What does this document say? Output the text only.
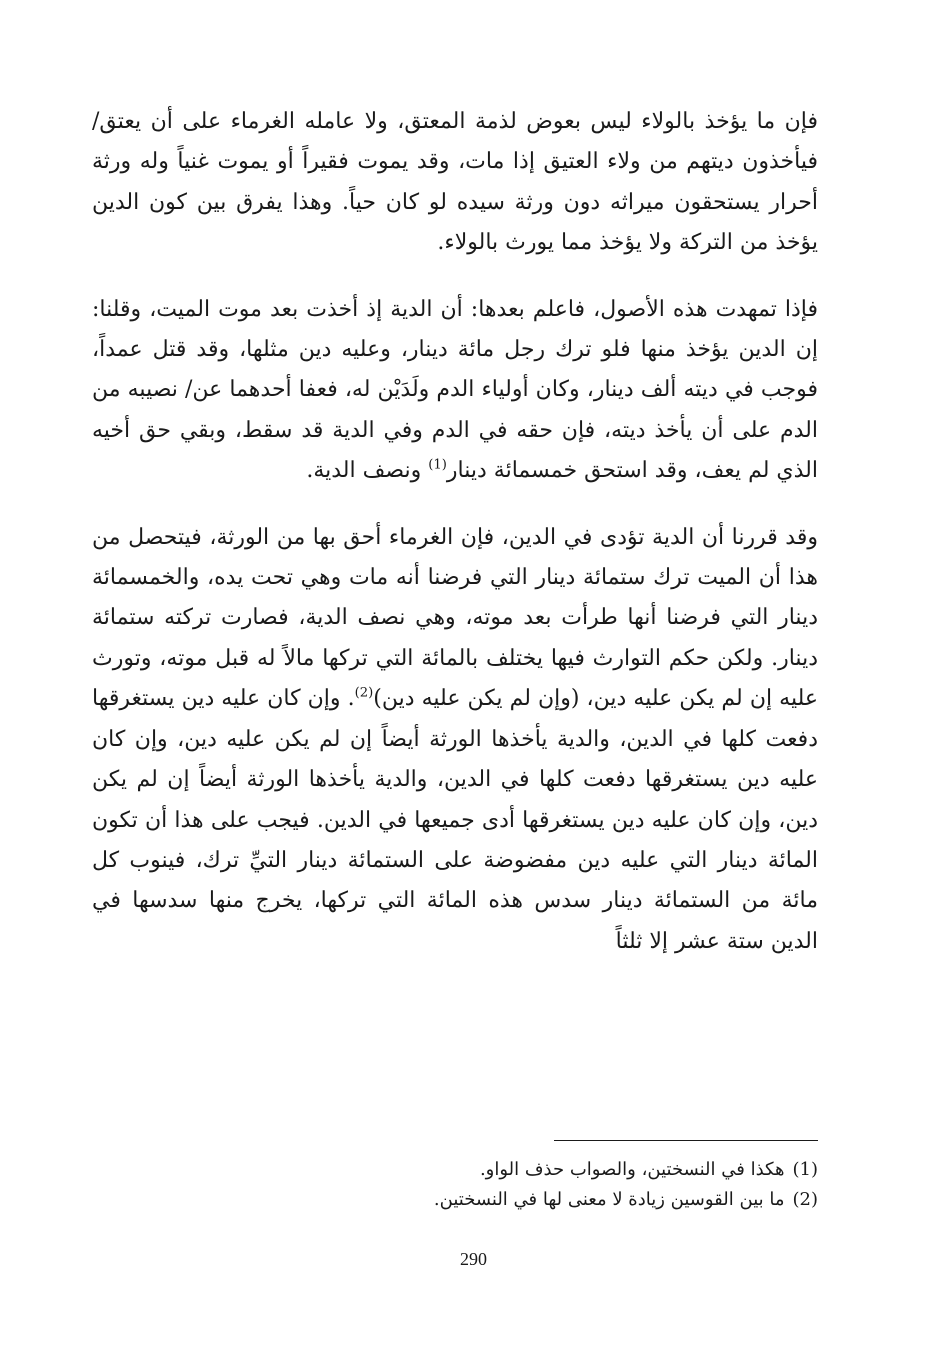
فإن ما يؤخذ بالولاء ليس بعوض لذمة المعتق، ولا عامله الغرماء على أن يعتق/ فيأخذون ديتهم من ولاء العتيق إذا مات، وقد يموت فقيراً أو يموت غنياً وله ورثة أحرار يستحقون ميراثه دون ورثة سيده لو كان حياً. وهذا يفرق بين كون الدين يؤخذ من التركة ولا يؤخذ مما يورث بالولاء.

فإذا تمهدت هذه الأصول، فاعلم بعدها: أن الدية إذ أخذت بعد موت الميت، وقلنا: إن الدين يؤخذ منها فلو ترك رجل مائة دينار، وعليه دين مثلها، وقد قتل عمداً، فوجب في ديته ألف دينار، وكان أولياء الدم ولَدَيْن له، فعفا أحدهما عن/ نصيبه من الدم على أن يأخذ ديته، فإن حقه في الدم وفي الدية قد سقط، وبقي حق أخيه الذي لم يعف، وقد استحق خمسمائة دينار$^{(1)}$ ونصف الدية.

وقد قررنا أن الدية تؤدى في الدين، فإن الغرماء أحق بها من الورثة، فيتحصل من هذا أن الميت ترك ستمائة دينار التي فرضنا أنه مات وهي تحت يده، والخمسمائة دينار التي فرضنا أنها طرأت بعد موته، وهي نصف الدية، فصارت تركته ستمائة دينار. ولكن حكم التوارث فيها يختلف بالمائة التي تركها مالاً له قبل موته، وتورث عليه إن لم يكن عليه دين، (وإن لم يكن عليه دين)$^{(2)}$. وإن كان عليه دين يستغرقها دفعت كلها في الدين، والدية يأخذها الورثة أيضاً إن لم يكن عليه دين، وإن كان عليه دين يستغرقها دفعت كلها في الدين، والدية يأخذها الورثة أيضاً إن لم يكن دين، وإن كان عليه دين يستغرقها أدى جميعها في الدين. فيجب على هذا أن تكون المائة دينار التي عليه دين مفضوضة على الستمائة دينار التيِّ ترك، فينوب كل مائة من الستمائة دينار سدس هذه المائة التي تركها، يخرج منها سدسها في الدين ستة عشر إلا ثلثاً

(1)هكذا في النسختين، والصواب حذف الواو.
(2)ما بين القوسين زيادة لا معنى لها في النسختين.
290
